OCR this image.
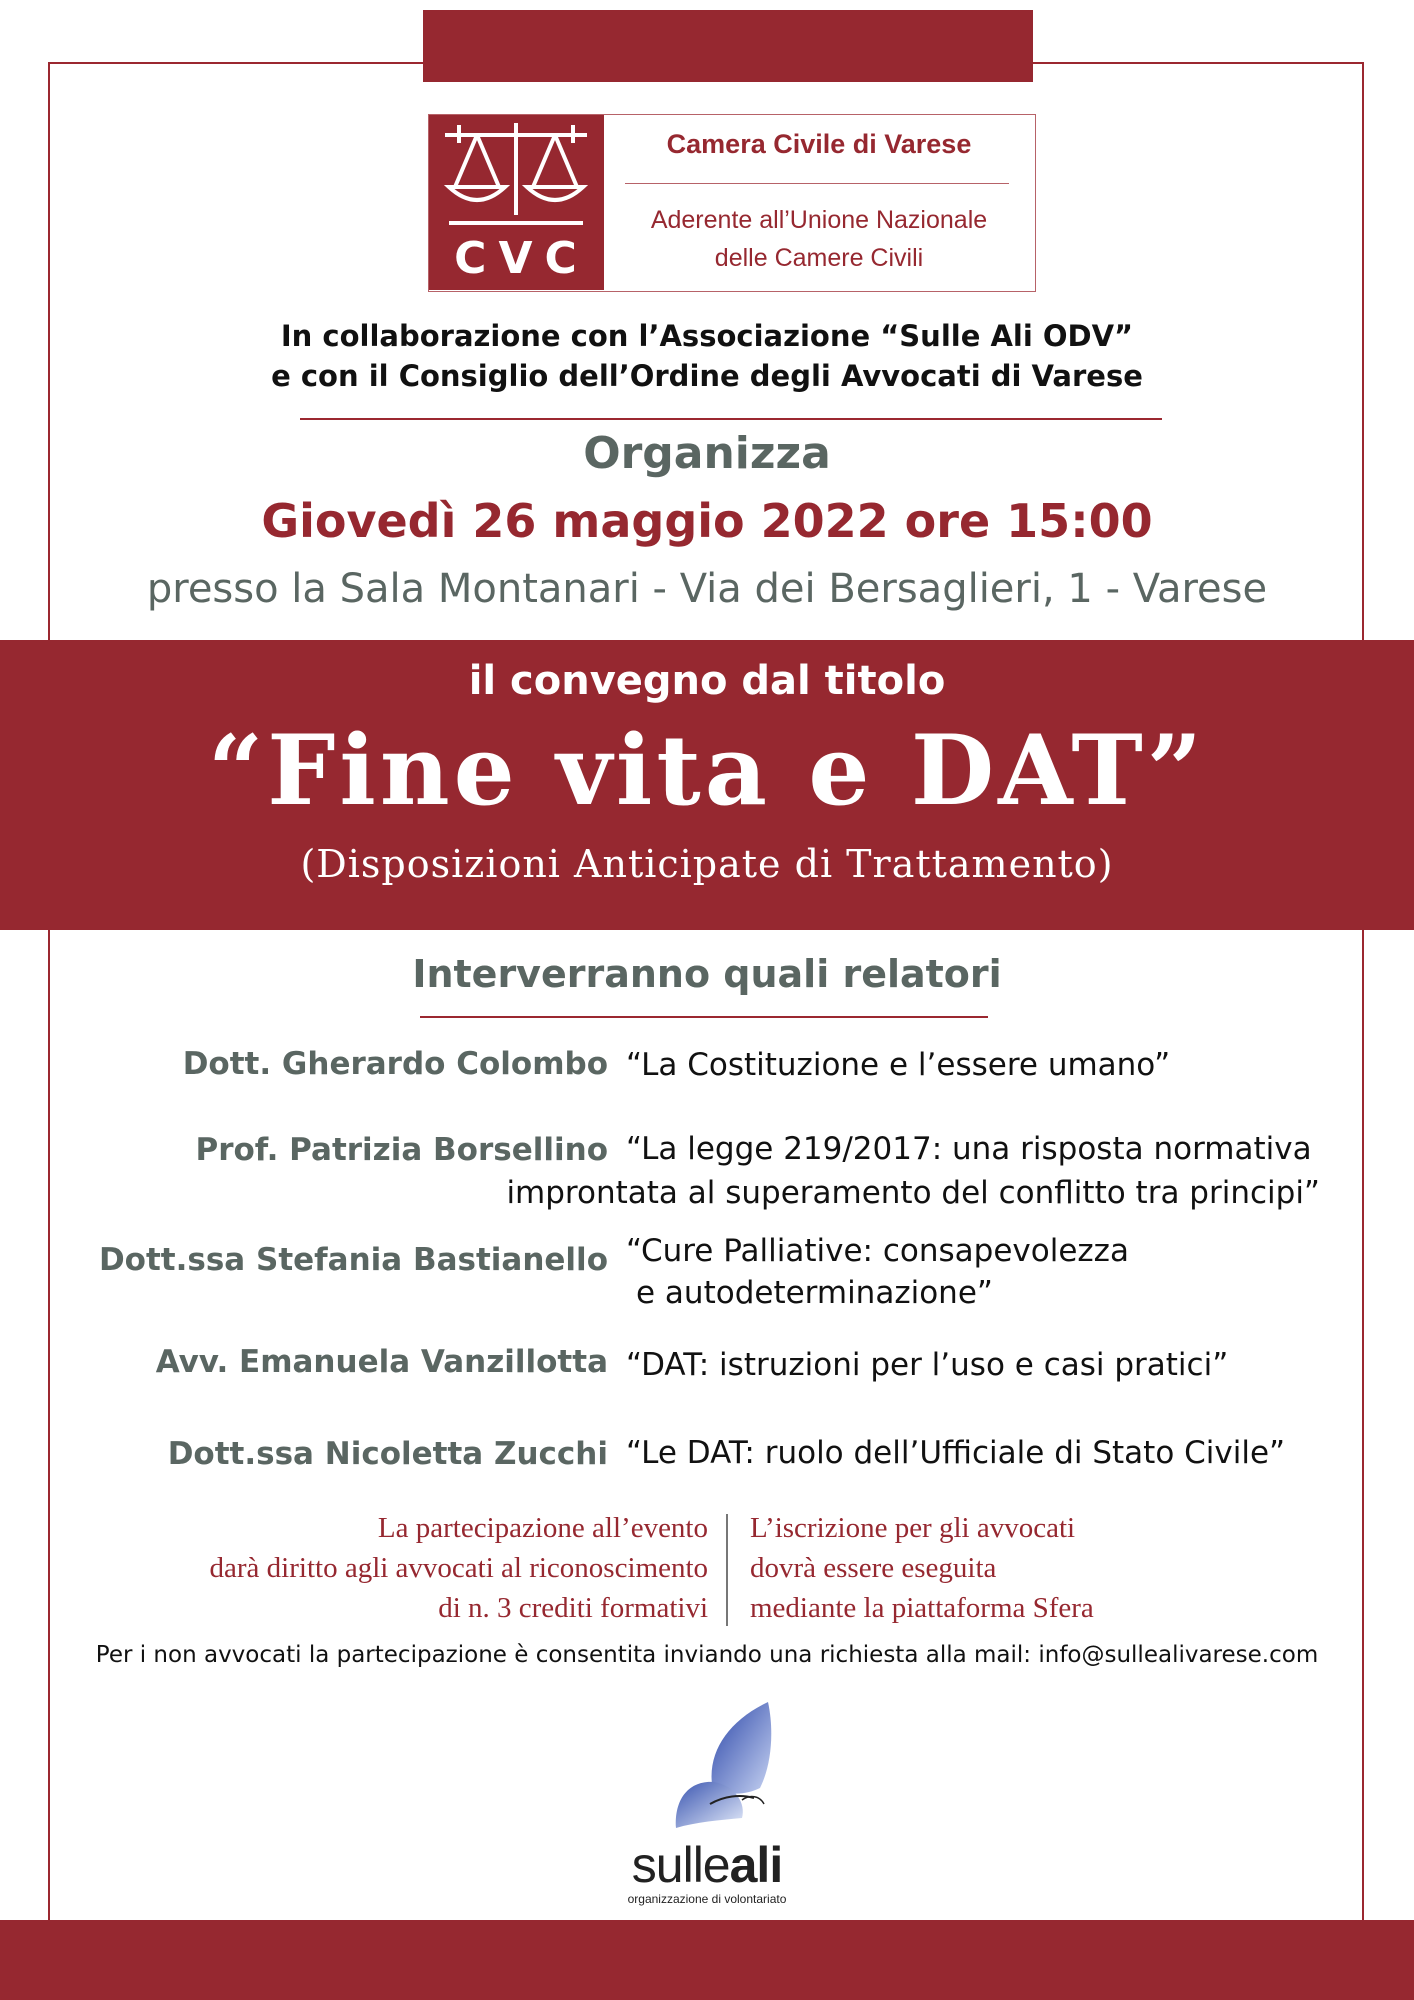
CVC
Camera Civile di Varese
Aderente all’Unione Nazionale
delle Camere Civili
In collaborazione con l’Associazione “Sulle Ali ODV”
e con il Consiglio dell’Ordine degli Avvocati di Varese
Organizza
Giovedì 26 maggio 2022 ore 15:00
presso la Sala Montanari - Via dei Bersaglieri, 1 - Varese
il convegno dal titolo
“Fine vita e DAT”
(Disposizioni Anticipate di Trattamento)
Interverranno quali relatori
Dott. Gherardo Colombo “La Costituzione e l’essere umano”
Prof. Patrizia Borsellino “La legge 219/2017: una risposta normativa
improntata al superamento del conflitto tra principi”
Dott.ssa Stefania Bastianello “Cure Palliative: consapevolezza
e autodeterminazione”
Avv. Emanuela Vanzillotta “DAT: istruzioni per l’uso e casi pratici”
Dott.ssa Nicoletta Zucchi “Le DAT: ruolo dell’Ufficiale di Stato Civile”
La partecipazione all’evento
darà diritto agli avvocati al riconoscimento
di n. 3 crediti formativi
L’iscrizione per gli avvocati
dovrà essere eseguita
mediante la piattaforma Sfera
Per i non avvocati la partecipazione è consentita inviando una richiesta alla mail: info@sullealivarese.com
sulleali
organizzazione di volontariato
